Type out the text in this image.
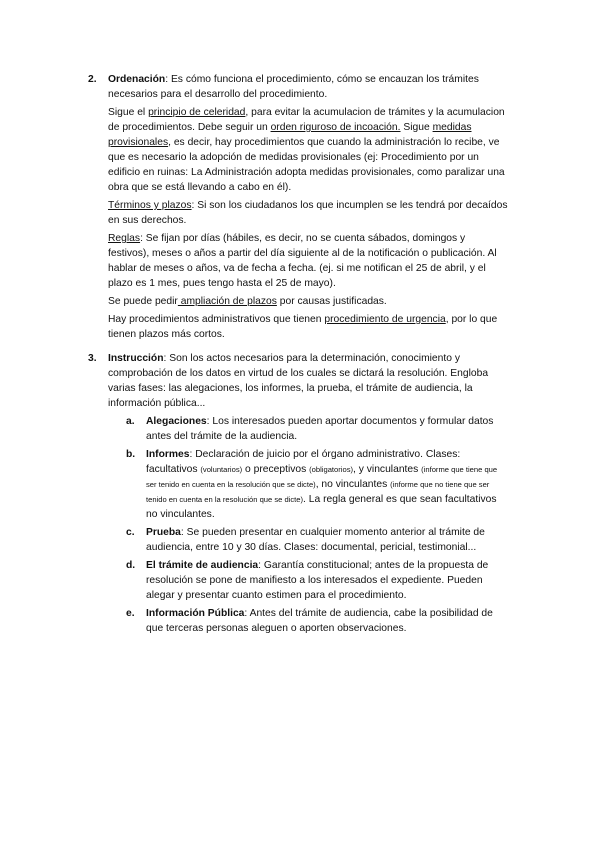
2.	Ordenación: Es cómo funciona el procedimiento, cómo se encauzan los trámites necesarios para el desarrollo del procedimiento.

Sigue el principio de celeridad, para evitar la acumulacion de trámites y la acumulacion de procedimientos. Debe seguir un orden riguroso de incoación. Sigue medidas provisionales, es decir, hay procedimientos que cuando la administración lo recibe, ve que es necesario la adopción de medidas provisionales (ej: Procedimiento por un edificio en ruinas: La Administración adopta medidas provisionales, como paralizar una obra que se está llevando a cabo en él).

Términos y plazos: Si son los ciudadanos los que incumplen se les tendrá por decaídos en sus derechos.

Reglas: Se fijan por días (hábiles, es decir, no se cuenta sábados, domingos y festivos), meses o años a partir del día siguiente al de la notificación o publicación. Al hablar de meses o años, va de fecha a fecha. (ej. si me notifican el 25 de abril, y el plazo es 1 mes, pues tengo hasta el 25 de mayo).

Se puede pedir ampliación de plazos por causas justificadas.

Hay procedimientos administrativos que tienen procedimiento de urgencia, por lo que tienen plazos más cortos.

3.	Instrucción: Son los actos necesarios para la determinación, conocimiento y comprobación de los datos en virtud de los cuales se dictará la resolución. Engloba varias fases: las alegaciones, los informes, la prueba, el trámite de audiencia, la información pública...

a. Alegaciones: Los interesados pueden aportar documentos y formular datos antes del trámite de la audiencia.
b. Informes: Declaración de juicio por el órgano administrativo. Clases: facultativos (voluntarios) o preceptivos (obligatorios), y vinculantes (informe que tiene que ser tenido en cuenta en la resolución que se dicte), no vinculantes (informe que no tiene que ser tenido en cuenta en la resolución que se dicte). La regla general es que sean facultativos no vinculantes.
c. Prueba: Se pueden presentar en cualquier momento anterior al trámite de audiencia, entre 10 y 30 días. Clases: documental, pericial, testimonial...
d. El trámite de audiencia: Garantía constitucional; antes de la propuesta de resolución se pone de manifiesto a los interesados el expediente. Pueden alegar y presentar cuanto estimen para el procedimiento.
e. Información Pública: Antes del trámite de audiencia, cabe la posibilidad de que terceras personas aleguen o aporten observaciones.
